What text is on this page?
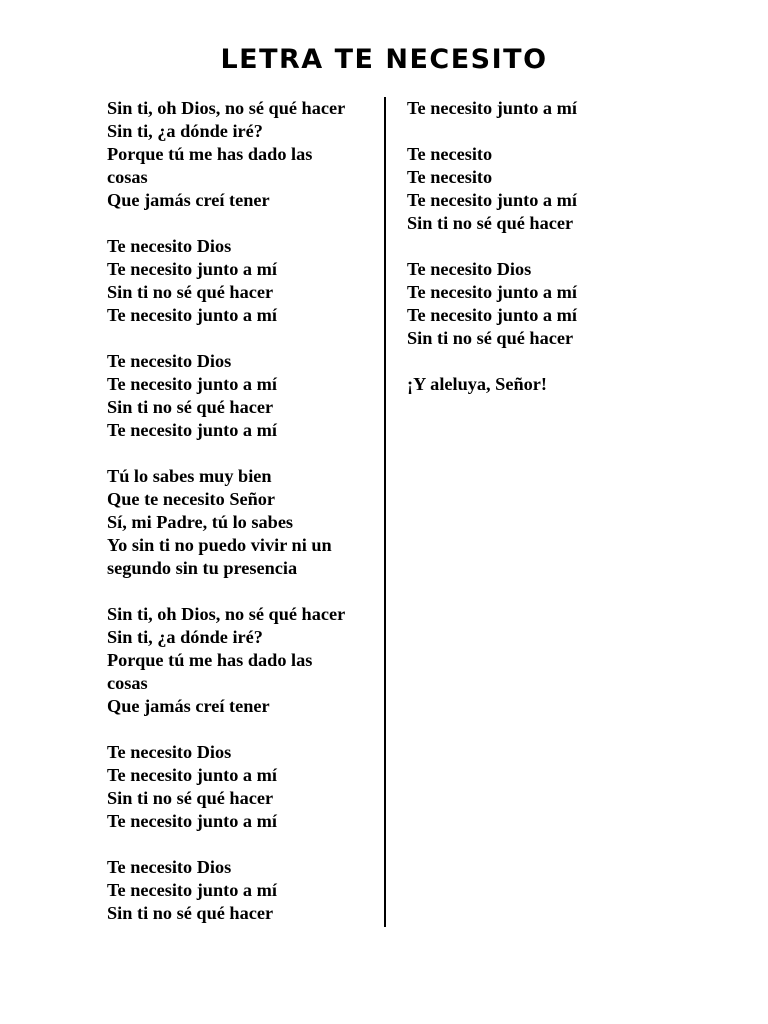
LETRA TE NECESITO
Sin ti, oh Dios, no sé qué hacer
Sin ti, ¿a dónde iré?
Porque tú me has dado las
cosas
Que jamás creí tener
Te necesito Dios
Te necesito junto a mí
Sin ti no sé qué hacer
Te necesito junto a mí
Te necesito Dios
Te necesito junto a mí
Sin ti no sé qué hacer
Te necesito junto a mí
Tú lo sabes muy bien
Que te necesito Señor
Sí, mi Padre, tú lo sabes
Yo sin ti no puedo vivir ni un
segundo sin tu presencia
Sin ti, oh Dios, no sé qué hacer
Sin ti, ¿a dónde iré?
Porque tú me has dado las
cosas
Que jamás creí tener
Te necesito Dios
Te necesito junto a mí
Sin ti no sé qué hacer
Te necesito junto a mí
Te necesito Dios
Te necesito junto a mí
Sin ti no sé qué hacer
Te necesito junto a mí
Te necesito
Te necesito
Te necesito junto a mí
Sin ti no sé qué hacer
Te necesito Dios
Te necesito junto a mí
Te necesito junto a mí
Sin ti no sé qué hacer
¡Y aleluya, Señor!
